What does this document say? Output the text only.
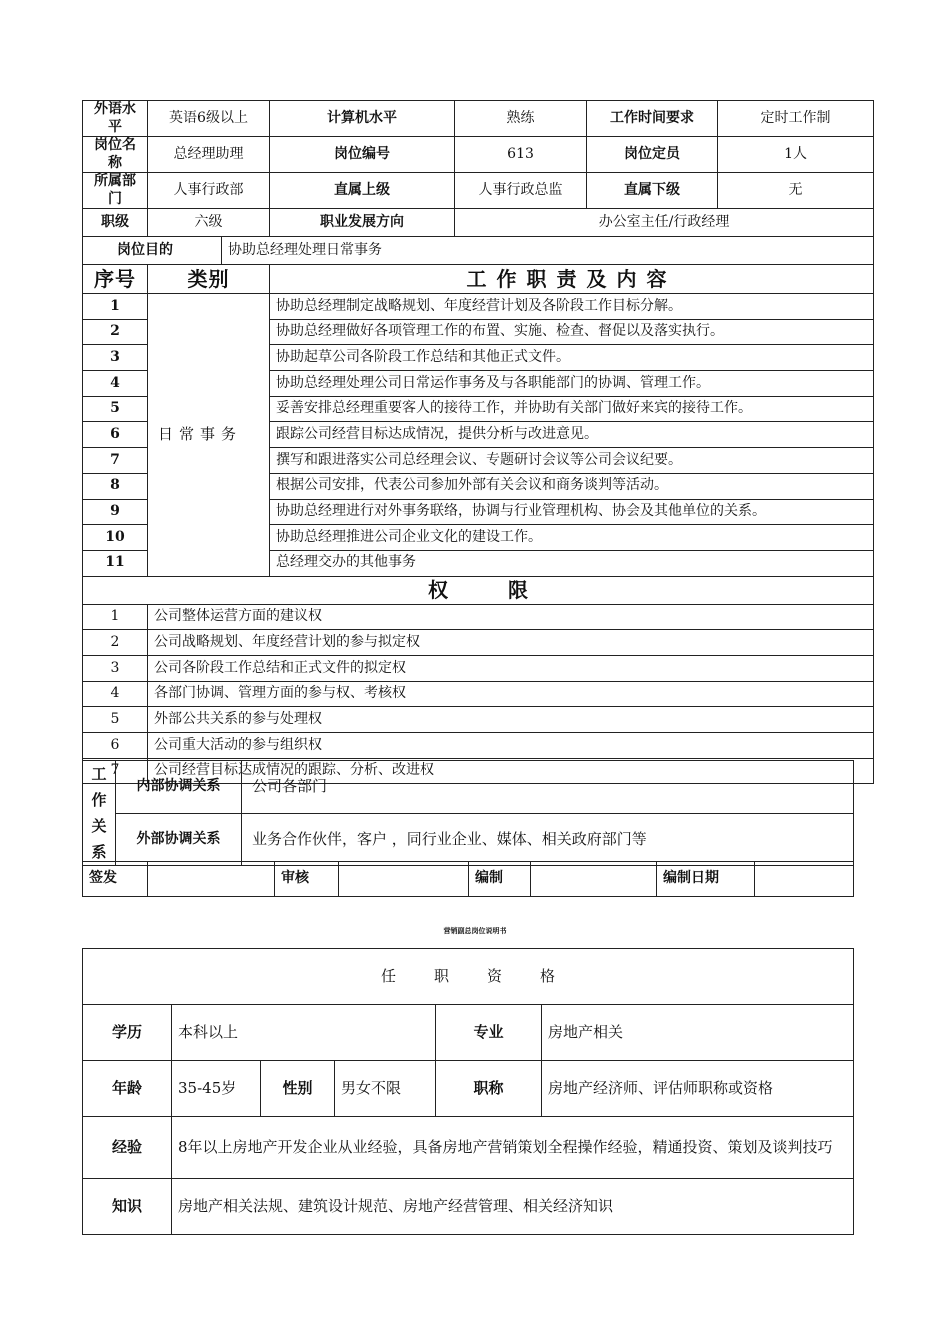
外语水平	英语6级以上		计算机水平	熟练	工作时间要求	定时工作制
岗位名称	总经理助理		岗位编号	613	岗位定员	1人
所属部门	人事行政部		直属上级	人事行政总监	直属下级	无
职级	六级		职业发展方向	办公室主任/行政经理		
岗位目的		协助总经理处理日常事务				
序号	类别		工作职责及内容			
1	日常事务		协助总经理制定战略规划、年度经营计划及各阶段工作目标分解。			
2			协助总经理做好各项管理工作的布置、实施、检查、督促以及落实执行。			
3			协助起草公司各阶段工作总结和其他正式文件。			
4			协助总经理处理公司日常运作事务及与各职能部门的协调、管理工作。			
5			妥善安排总经理重要客人的接待工作，并协助有关部门做好来宾的接待工作。			
6			跟踪公司经营目标达成情况，提供分析与改进意见。			
7			撰写和跟进落实公司总经理会议、专题研讨会议等公司会议纪要。			
8			根据公司安排，代表公司参加外部有关会议和商务谈判等活动。			
9			协助总经理进行对外事务联络，协调与行业管理机构、协会及其他单位的关系。			
10			协助总经理推进公司企业文化的建设工作。			
11			总经理交办的其他事务			
权限						
1	公司整体运营方面的建议权					
2	公司战略规划、年度经营计划的参与拟定权					
3	公司各阶段工作总结和正式文件的拟定权					
4	各部门协调、管理方面的参与权、考核权					
5	外部公共关系的参与处理权					
6	公司重大活动的参与组织权					
7	公司经营目标达成情况的跟踪、分析、改进权					
工作关系	内部协调关系	公司各部门
	外部协调关系	业务合作伙伴，客户 ，同行业企业、媒体、相关政府部门等
签发		审核		编制		编制日期	
营销副总岗位说明书
任职资格					
学历	本科以上			专业	房地产相关
年龄	35-45岁	性别	男女不限	职称	房地产经济师、评估师职称或资格
经验	8年以上房地产开发企业从业经验，具备房地产营销策划全程操作经验，精通投资、策划及谈判技巧				
知识	房地产相关法规、建筑设计规范、房地产经营管理、相关经济知识				
